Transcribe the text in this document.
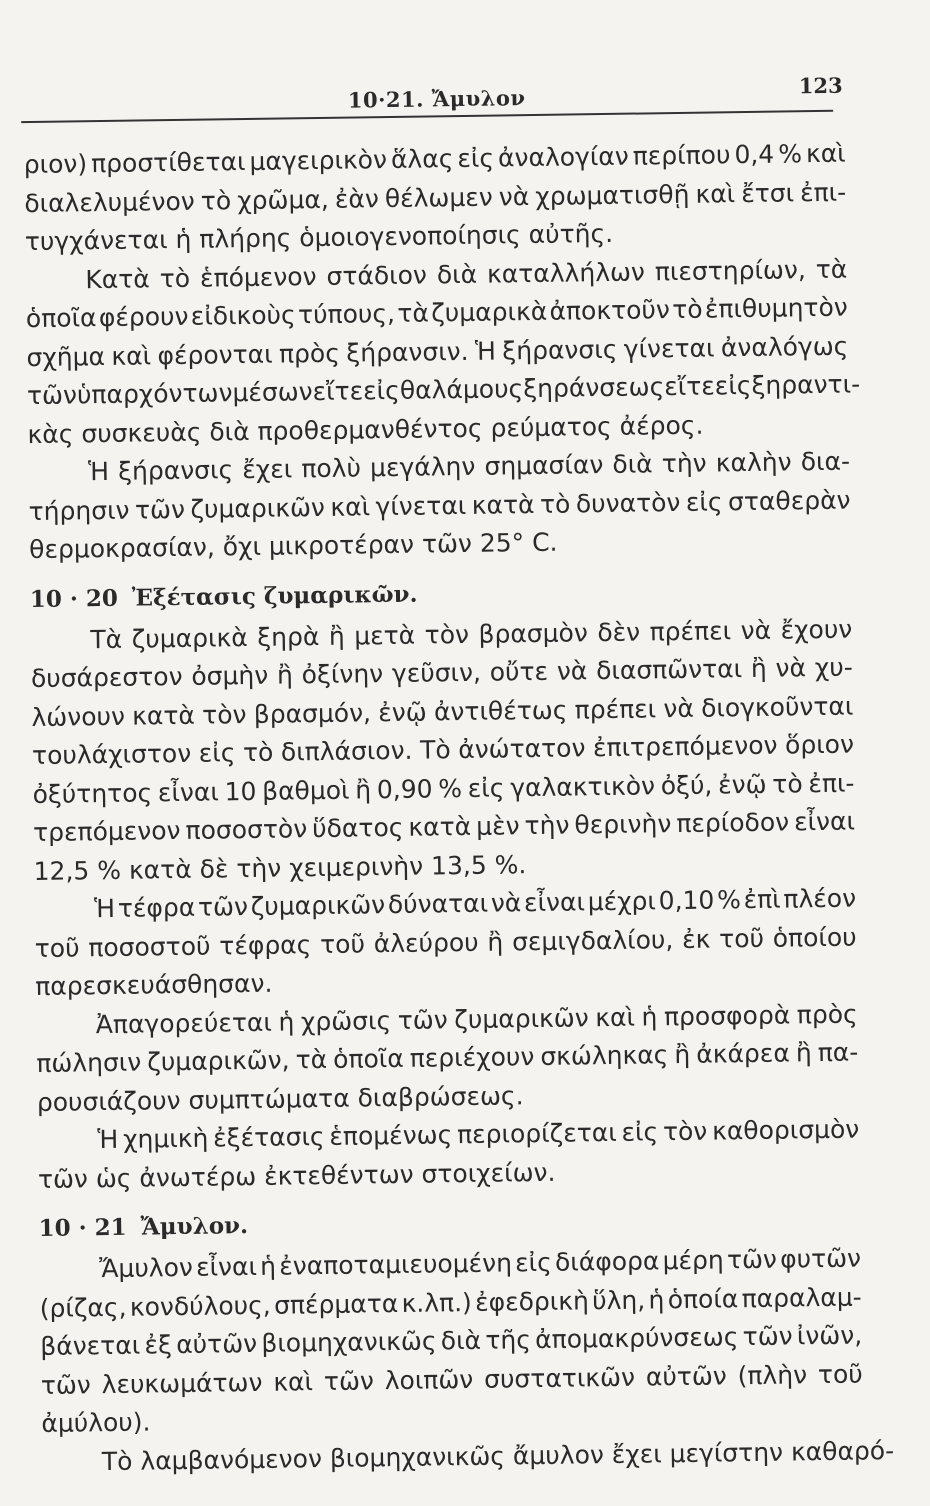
10·21. Ἄμυλον	123
ριον) προστίθεται μαγειρικὸν ἅλας εἰς ἀναλογίαν περίπου 0,4 % καὶ
διαλελυμένον τὸ χρῶμα, ἐὰν θέλωμεν νὰ χρωματισθῇ καὶ ἔτσι ἐπι-
τυγχάνεται ἡ πλήρης ὁμοιογενοποίησις αὐτῆς.
Κατὰ τὸ ἑπόμενον στάδιον διὰ καταλλήλων πιεστηρίων, τὰ
ὁποῖα φέρουν εἰδικοὺς τύπους, τὰ ζυμαρικὰ ἀποκτοῦν τὸ ἐπιθυμητὸν
σχῆμα καὶ φέρονται πρὸς ξήρανσιν. Ἡ ξήρανσις γίνεται ἀναλόγως
τῶν ὑπαρχόντων μέσων εἴτε εἰς θαλάμους ξηράνσεως εἴτε εἰς ξηραντι-
κὰς συσκευὰς διὰ προθερμανθέντος ρεύματος ἀέρος.
Ἡ ξήρανσις ἔχει πολὺ μεγάλην σημασίαν διὰ τὴν καλὴν δια-
τήρησιν τῶν ζυμαρικῶν καὶ γίνεται κατὰ τὸ δυνατὸν εἰς σταθερὰν
θερμοκρασίαν, ὄχι μικροτέραν τῶν 25° C.
10 · 20 Ἐξέτασις ζυμαρικῶν.
Τὰ ζυμαρικὰ ξηρὰ ἢ μετὰ τὸν βρασμὸν δὲν πρέπει νὰ ἔχουν
δυσάρεστον ὀσμὴν ἢ ὀξίνην γεῦσιν, οὔτε νὰ διασπῶνται ἢ νὰ χυ-
λώνουν κατὰ τὸν βρασμόν, ἐνῷ ἀντιθέτως πρέπει νὰ διογκοῦνται
τουλάχιστον εἰς τὸ διπλάσιον. Τὸ ἀνώτατον ἐπιτρεπόμενον ὅριον
ὀξύτητος εἶναι 10 βαθμοὶ ἢ 0,90 % εἰς γαλακτικὸν ὀξύ, ἐνῷ τὸ ἐπι-
τρεπόμενον ποσοστὸν ὕδατος κατὰ μὲν τὴν θερινὴν περίοδον εἶναι
12,5 % κατὰ δὲ τὴν χειμερινὴν 13,5 %.
Ἡ τέφρα τῶν ζυμαρικῶν δύναται νὰ εἶναι μέχρι 0,10 % ἐπὶ πλέον
τοῦ ποσοστοῦ τέφρας τοῦ ἀλεύρου ἢ σεμιγδαλίου, ἐκ τοῦ ὁποίου
παρεσκευάσθησαν.
Ἀπαγορεύεται ἡ χρῶσις τῶν ζυμαρικῶν καὶ ἡ προσφορὰ πρὸς
πώλησιν ζυμαρικῶν, τὰ ὁποῖα περιέχουν σκώληκας ἢ ἀκάρεα ἢ πα-
ρουσιάζουν συμπτώματα διαβρώσεως.
Ἡ χημικὴ ἐξέτασις ἑπομένως περιορίζεται εἰς τὸν καθορισμὸν
τῶν ὡς ἀνωτέρω ἐκτεθέντων στοιχείων.
10 · 21 Ἄμυλον.
Ἄμυλον εἶναι ἡ ἐναποταμιευομένη εἰς διάφορα μέρη τῶν φυτῶν
(ρίζας, κονδύλους, σπέρματα κ.λπ.) ἐφεδρικὴ ὕλη, ἡ ὁποία παραλαμ-
βάνεται ἐξ αὐτῶν βιομηχανικῶς διὰ τῆς ἀπομακρύνσεως τῶν ἰνῶν,
τῶν λευκωμάτων καὶ τῶν λοιπῶν συστατικῶν αὐτῶν (πλὴν τοῦ
ἀμύλου).
Τὸ λαμβανόμενον βιομηχανικῶς ἄμυλον ἔχει μεγίστην καθαρό-
